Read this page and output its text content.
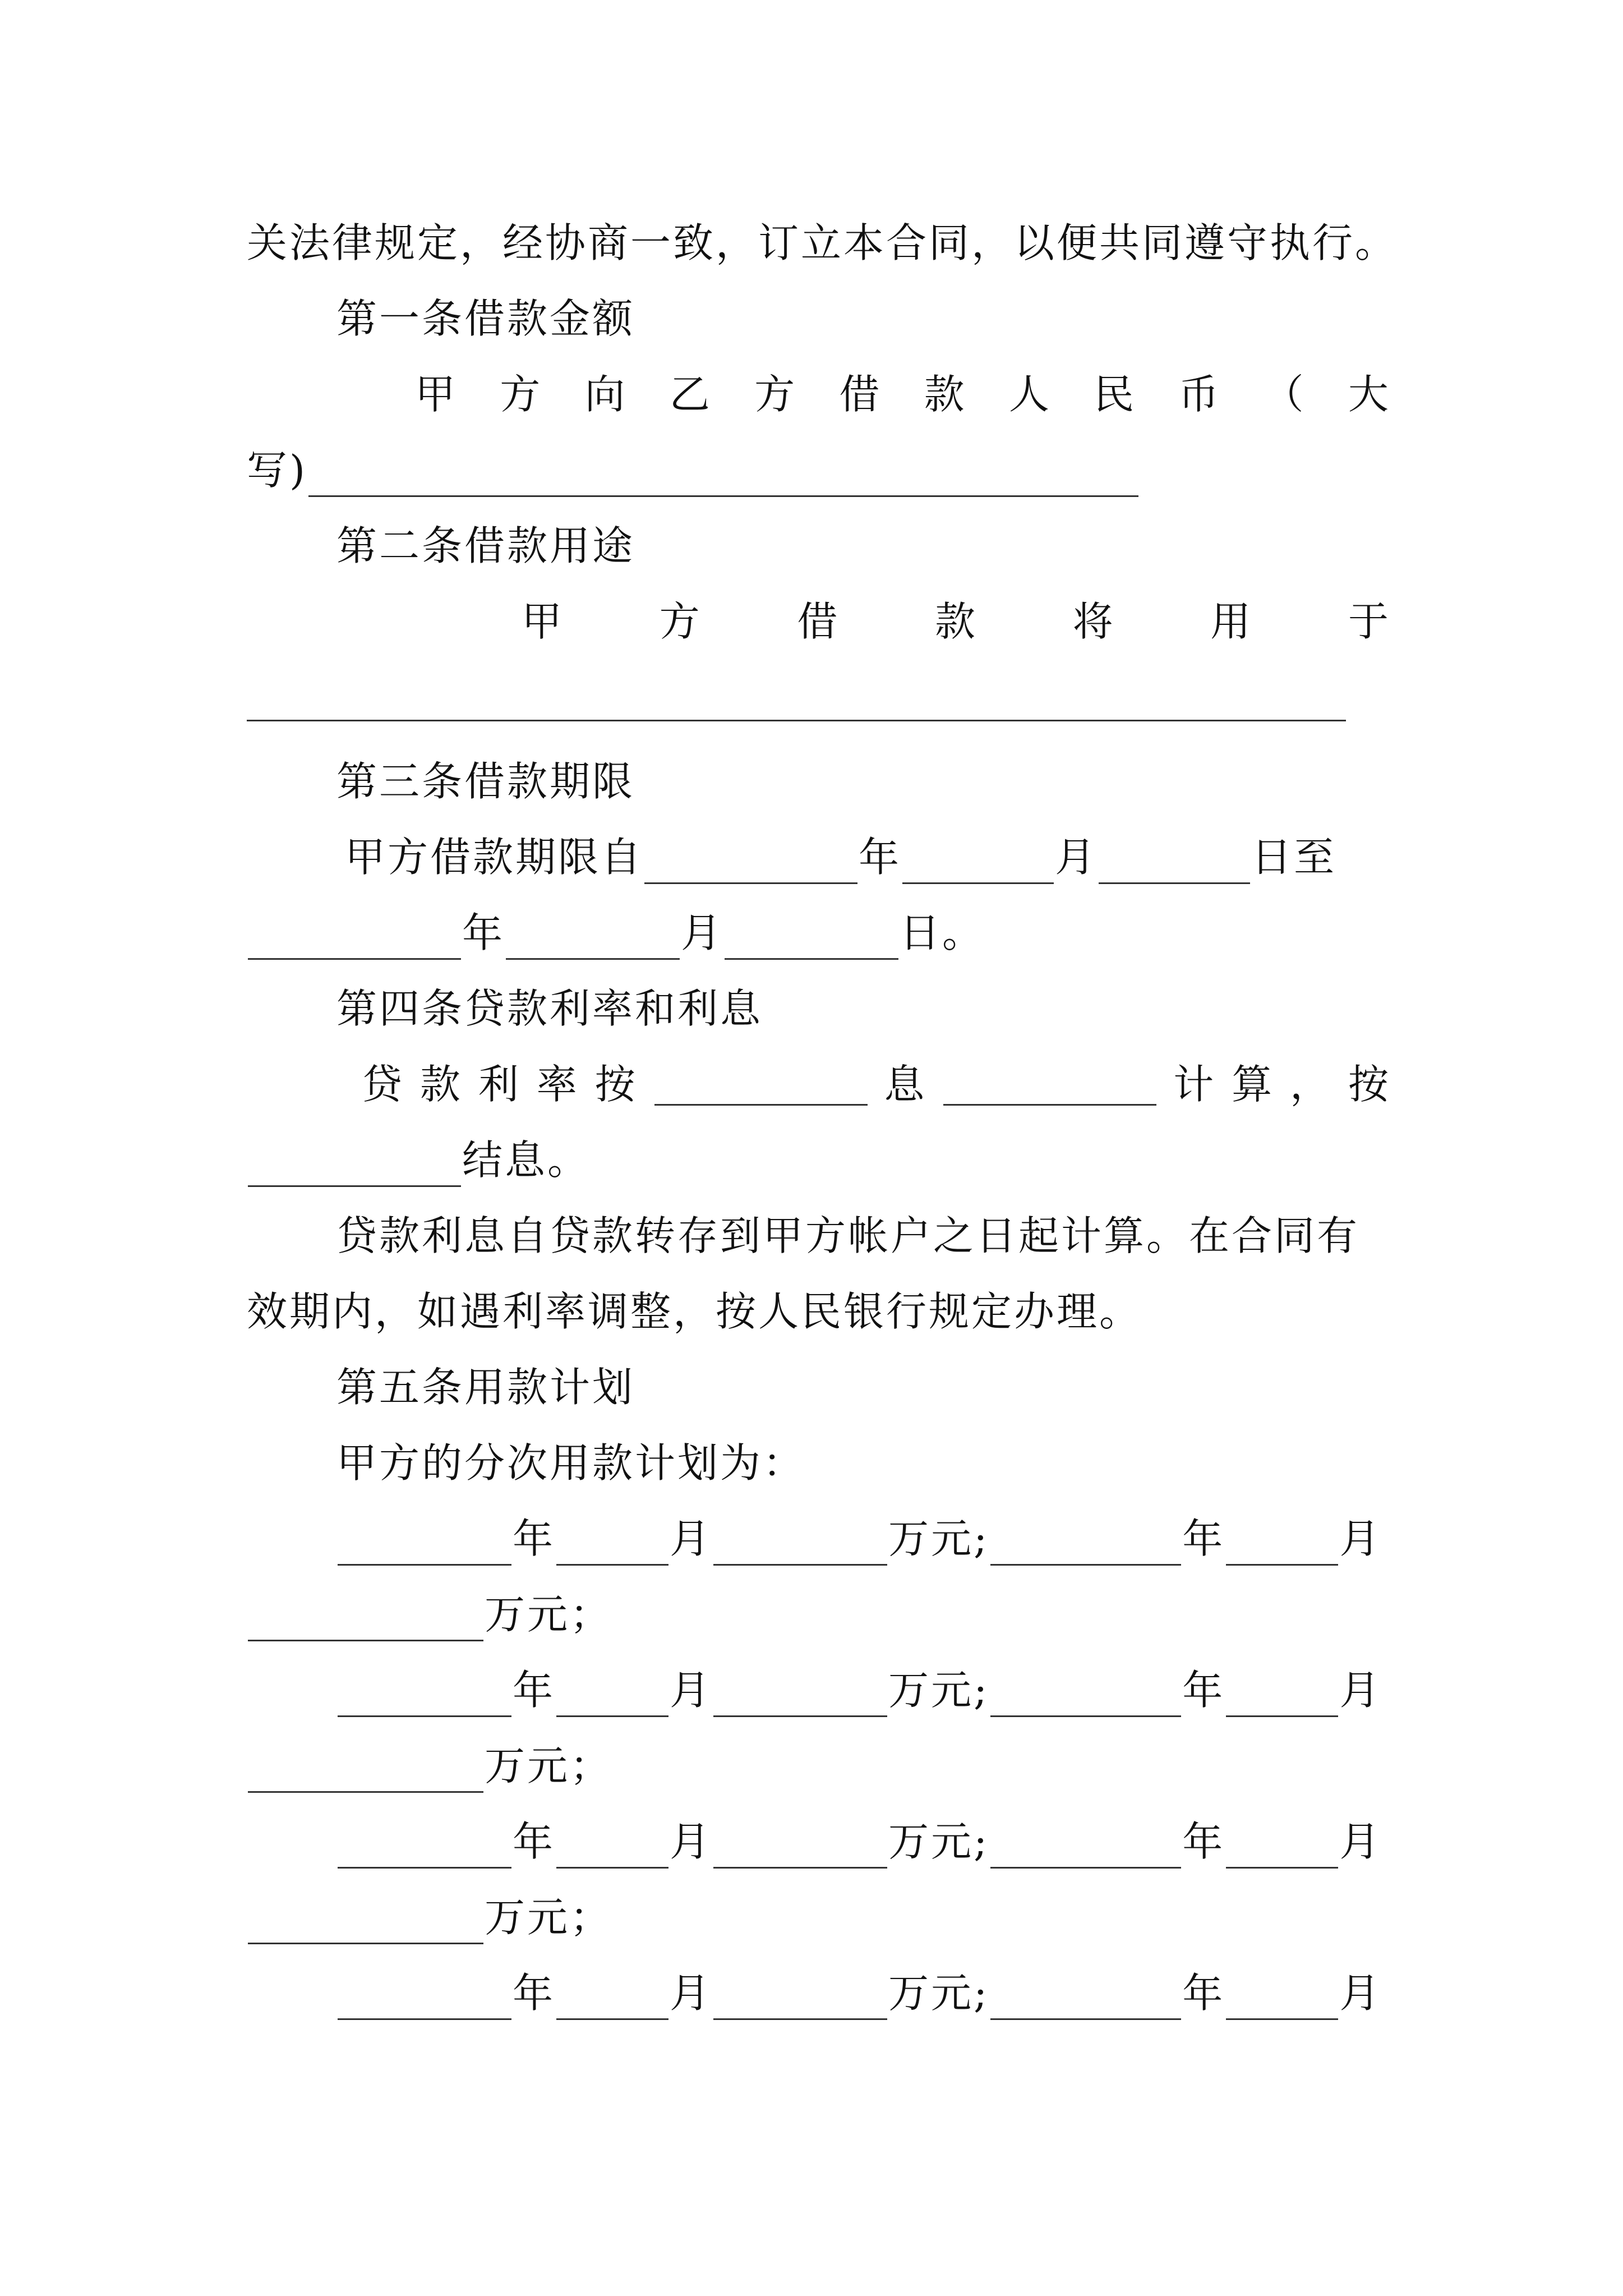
关法律规定，经协商一致，订立本合同，以便共同遵守执行。
第一条借款金额
甲 方 向 乙 方 借 款 人 民 币 （ 大
写)
第二条借款用途
甲 方 借 款 将 用 于
第三条借款期限
甲方借款期限自	年	月	日至
年	月	日。
第四条贷款利率和利息
贷 款 利 率 按	息	计 算 ， 按
结息。
贷款利息自贷款转存到甲方帐户之日起计算。在合同有
效期内，如遇利率调整，按人民银行规定办理。
第五条用款计划
甲方的分次用款计划为：
年	月	万元;	年	月
万元；
年	月	万元;	年	月
万元；
年	月	万元;	年	月
万元；
年	月	万元;	年	月
